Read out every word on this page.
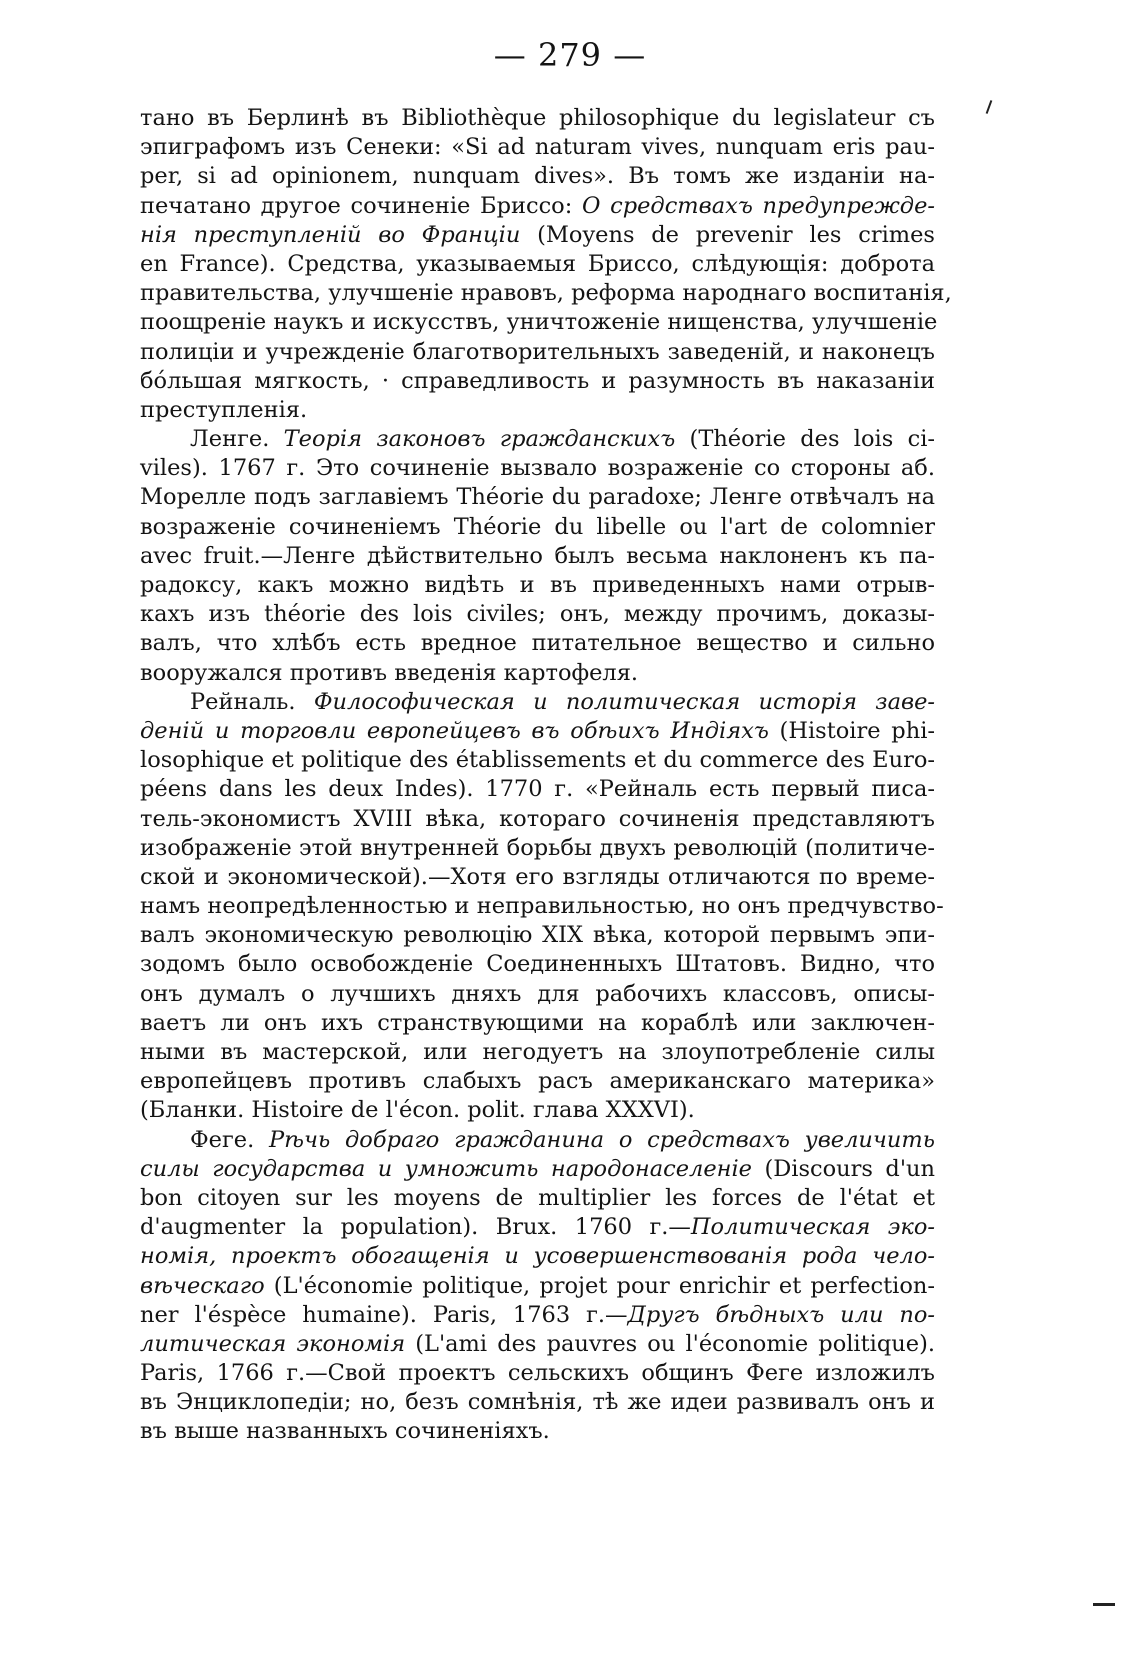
— 279 —
тано въ Берлинѣ въ Bibliothèque philosophique du legislateur съ
эпиграфомъ изъ Сенеки: «Si ad naturam vives, nunquam eris pau-
per, si ad opinionem, nunquam dives». Въ томъ же изданіи на-
печатано другое сочиненіе Бриссо: О средствахъ предупрежде-
нія преступленій во Франціи (Moyens de prevenir les crimes
en France). Средства, указываемыя Бриссо, слѣдующія: доброта
правительства, улучшеніе нравовъ, реформа народнаго воспитанія,
поощреніе наукъ и искусствъ, уничтоженіе нищенства, улучшеніе
полиціи и учрежденіе благотворительныхъ заведеній, и наконецъ
бо́льшая мягкость, · справедливость и разумность въ наказаніи
преступленія.
Ленге. Теорія законовъ гражданскихъ (Théorie des lois ci-
viles). 1767 г. Это сочиненіе вызвало возраженіе со стороны аб.
Морелле подъ заглавіемъ Théorie du paradoxe; Ленге отвѣчалъ на
возраженіе сочиненіемъ Théorie du libelle ou l'art de colomnier
avec fruit.—Ленге дѣйствительно былъ весьма наклоненъ къ па-
радоксу, какъ можно видѣть и въ приведенныхъ нами отрыв-
кахъ изъ théorie des lois civiles; онъ, между прочимъ, доказы-
валъ, что хлѣбъ есть вредное питательное вещество и сильно
вооружался противъ введенія картофеля.
Рейналь. Философическая и политическая исторія заве-
деній и торговли европейцевъ въ обѣихъ Индіяхъ (Histoire phi-
losophique et politique des établissements et du commerce des Euro-
péens dans les deux Indes). 1770 г. «Рейналь есть первый писа-
тель-экономистъ XVIII вѣка, котораго сочиненія представляютъ
изображеніе этой внутренней борьбы двухъ революцій (политиче-
ской и экономической).—Хотя его взгляды отличаются по време-
намъ неопредѣленностью и неправильностью, но онъ предчувство-
валъ экономическую революцію XIX вѣка, которой первымъ эпи-
зодомъ было освобожденіе Соединенныхъ Штатовъ. Видно, что
онъ думалъ о лучшихъ дняхъ для рабочихъ классовъ, описы-
ваетъ ли онъ ихъ странствующими на кораблѣ или заключен-
ными въ мастерской, или негодуетъ на злоупотребленіе силы
европейцевъ противъ слабыхъ расъ американскаго материка»
(Бланки. Histoire de l'écon. polit. глава XXXVI).
Феге. Рѣчь добраго гражданина о средствахъ увеличить
силы государства и умножить народонаселеніе (Discours d'un
bon citoyen sur les moyens de multiplier les forces de l'état et
d'augmenter la population). Brux. 1760 г.—Политическая эко-
номія, проектъ обогащенія и усовершенствованія рода чело-
вѣческаго (L'économie politique, projet pour enrichir et perfection-
ner l'éspèce humaine). Paris, 1763 г.—Другъ бѣдныхъ или по-
литическая экономія (L'ami des pauvres ou l'économie politique).
Paris, 1766 г.—Свой проектъ сельскихъ общинъ Феге изложилъ
въ Энциклопедіи; но, безъ сомнѣнія, тѣ же идеи развивалъ онъ и
въ выше названныхъ сочиненіяхъ.
